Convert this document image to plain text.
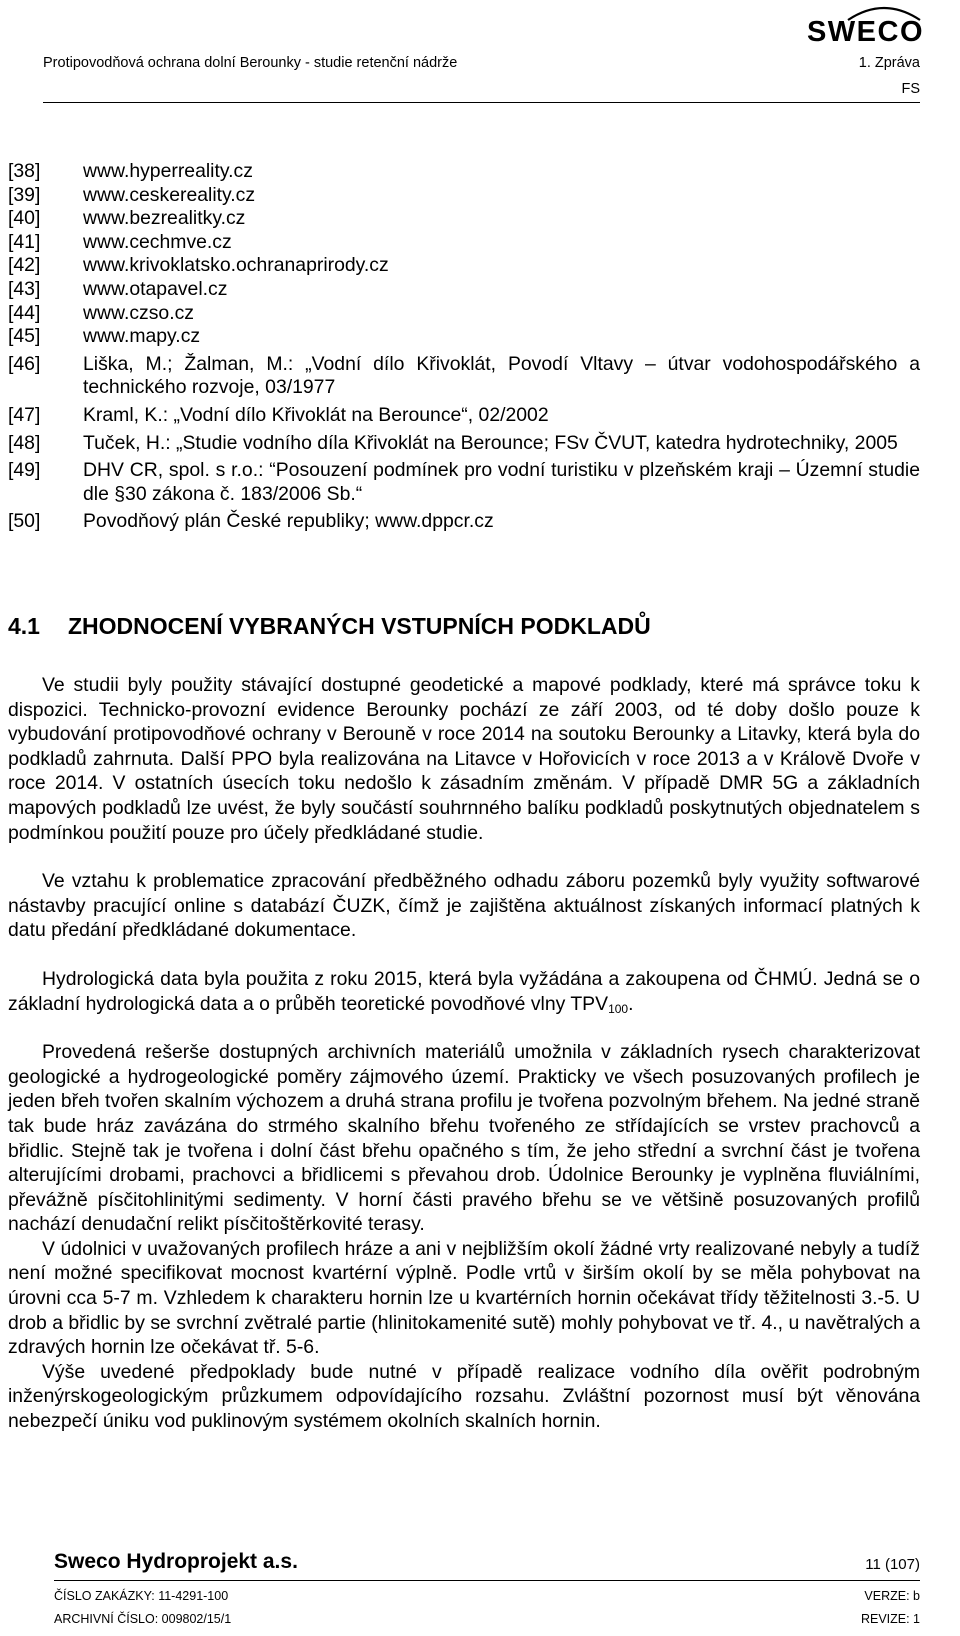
SWECO
Protipovodňová ochrana dolní Berounky - studie retenční nádrže	1. Zpráva
FS
[38]	www.hyperreality.cz
[39]	www.ceskereality.cz
[40]	www.bezrealitky.cz
[41]	www.cechmve.cz
[42]	www.krivoklatsko.ochranaprirody.cz
[43]	www.otapavel.cz
[44]	www.czso.cz
[45]	www.mapy.cz
[46]	Liška, M.; Žalman, M.: „Vodní dílo Křivoklát, Povodí Vltavy – útvar vodohospodářského a technického rozvoje, 03/1977
[47]	Kraml, K.: „Vodní dílo Křivoklát na Berounce“, 02/2002
[48]	Tuček, H.: „Studie vodního díla Křivoklát na Berounce; FSv ČVUT, katedra hydrotechniky, 2005
[49]	DHV CR, spol. s r.o.: “Posouzení podmínek pro vodní turistiku v plzeňském kraji – Územní studie dle §30 zákona č. 183/2006 Sb.“
[50]	Povodňový plán České republiky; www.dppcr.cz
4.1 ZHODNOCENÍ VYBRANÝCH VSTUPNÍCH PODKLADŮ

Ve studii byly použity stávající dostupné geodetické a mapové podklady, které má správce toku k dispozici. Technicko-provozní evidence Berounky pochází ze září 2003, od té doby došlo pouze k vybudování protipovodňové ochrany v Berouně v roce 2014 na soutoku Berounky a Litavky, která byla do podkladů zahrnuta. Další PPO byla realizována na Litavce v Hořovicích v roce 2013 a v Králově Dvoře v roce 2014. V ostatních úsecích toku nedošlo k zásadním změnám. V případě DMR 5G a základních mapových podkladů lze uvést, že byly součástí souhrnného balíku podkladů poskytnutých objednatelem s podmínkou použití pouze pro účely předkládané studie.

Ve vztahu k problematice zpracování předběžného odhadu záboru pozemků byly využity softwarové nástavby pracující online s databází ČUZK, čímž je zajištěna aktuálnost získaných informací platných k datu předání předkládané dokumentace.

Hydrologická data byla použita z roku 2015, která byla vyžádána a zakoupena od ČHMÚ. Jedná se o základní hydrologická data a o průběh teoretické povodňové vlny $TPV_{100}$.

Provedená rešerše dostupných archivních materiálů umožnila v základních rysech charakterizovat geologické a hydrogeologické poměry zájmového území. Prakticky ve všech posuzovaných profilech je jeden břeh tvořen skalním výchozem a druhá strana profilu je tvořena pozvolným břehem. Na jedné straně tak bude hráz zavázána do strmého skalního břehu tvořeného ze střídajících se vrstev prachovců a břidlic. Stejně tak je tvořena i dolní část břehu opačného s tím, že jeho střední a svrchní část je tvořena alterujícími drobami, prachovci a břidlicemi s převahou drob. Údolnice Berounky je vyplněna fluviálními, převážně písčitohlinitými sedimenty. V horní části pravého břehu se ve většině posuzovaných profilů nachází denudační relikt písčitoštěrkovité terasy.

V údolnici v uvažovaných profilech hráze a ani v nejbližším okolí žádné vrty realizované nebyly a tudíž není možné specifikovat mocnost kvartérní výplně. Podle vrtů v širším okolí by se měla pohybovat na úrovni cca 5-7 m. Vzhledem k charakteru hornin lze u kvartérních hornin očekávat třídy těžitelnosti 3.-5. U drob a břidlic by se svrchní zvětralé partie (hlinitokamenité sutě) mohly pohybovat ve tř. 4., u navětralých a zdravých hornin lze očekávat tř. 5-6.

Výše uvedené předpoklady bude nutné v případě realizace vodního díla ověřit podrobným inženýrskogeologickým průzkumem odpovídajícího rozsahu. Zvláštní pozornost musí být věnována nebezpečí úniku vod puklinovým systémem okolních skalních hornin.

Sweco Hydroprojekt a.s.	11 (107)
ČÍSLO ZAKÁZKY: 11-4291-100
ARCHIVNÍ ČÍSLO: 009802/15/1
VERZE: b
REVIZE: 1
